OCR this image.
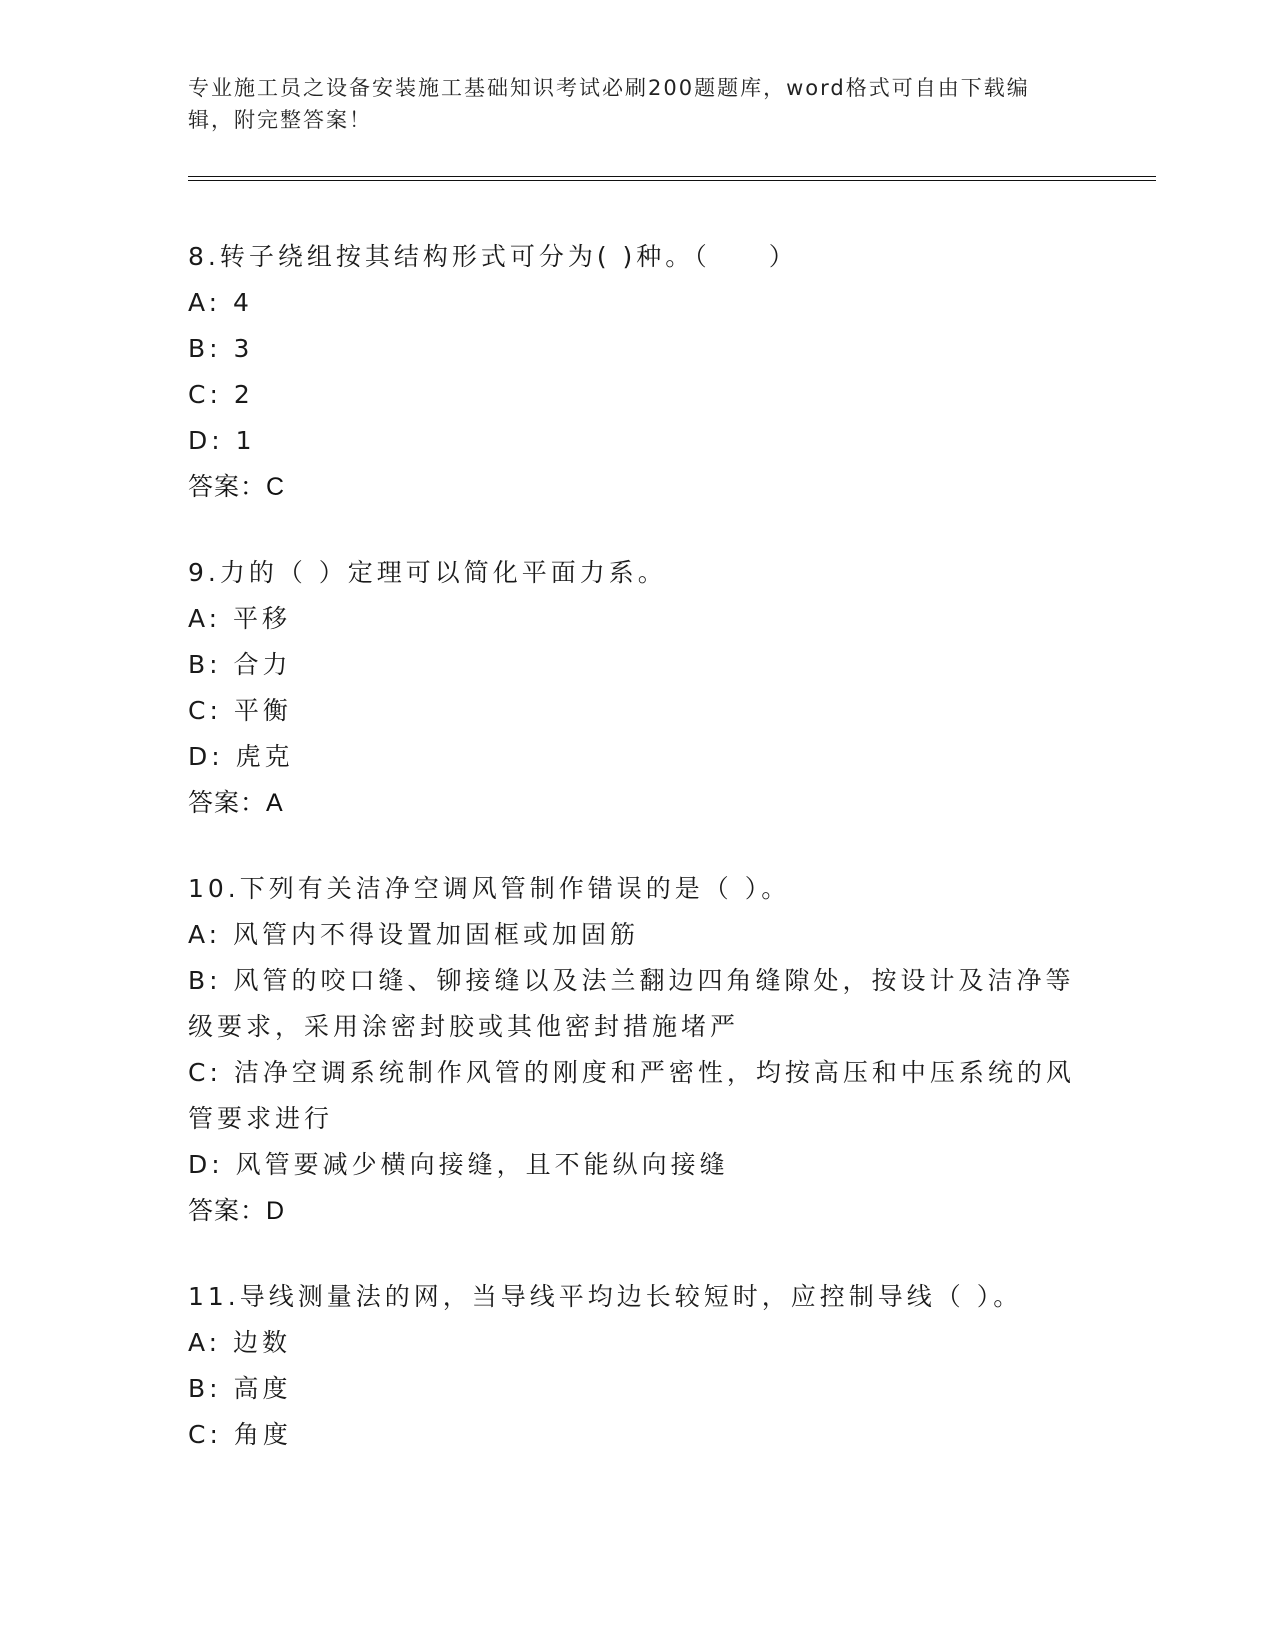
专业施工员之设备安装施工基础知识考试必刷200题题库，word格式可自由下载编辑，附完整答案！
8.转子绕组按其结构形式可分为( )种。（　　）
A: 4
B: 3
C: 2
D: 1
答案：C
9.力的（ ）定理可以简化平面力系。
A: 平移
B: 合力
C: 平衡
D: 虎克
答案：A
10.下列有关洁净空调风管制作错误的是（ ）。
A: 风管内不得设置加固框或加固筋
B: 风管的咬口缝、铆接缝以及法兰翻边四角缝隙处，按设计及洁净等级要求，采用涂密封胶或其他密封措施堵严
C: 洁净空调系统制作风管的刚度和严密性，均按高压和中压系统的风管要求进行
D: 风管要减少横向接缝，且不能纵向接缝
答案：D
11.导线测量法的网，当导线平均边长较短时，应控制导线（ ）。
A: 边数
B: 高度
C: 角度
